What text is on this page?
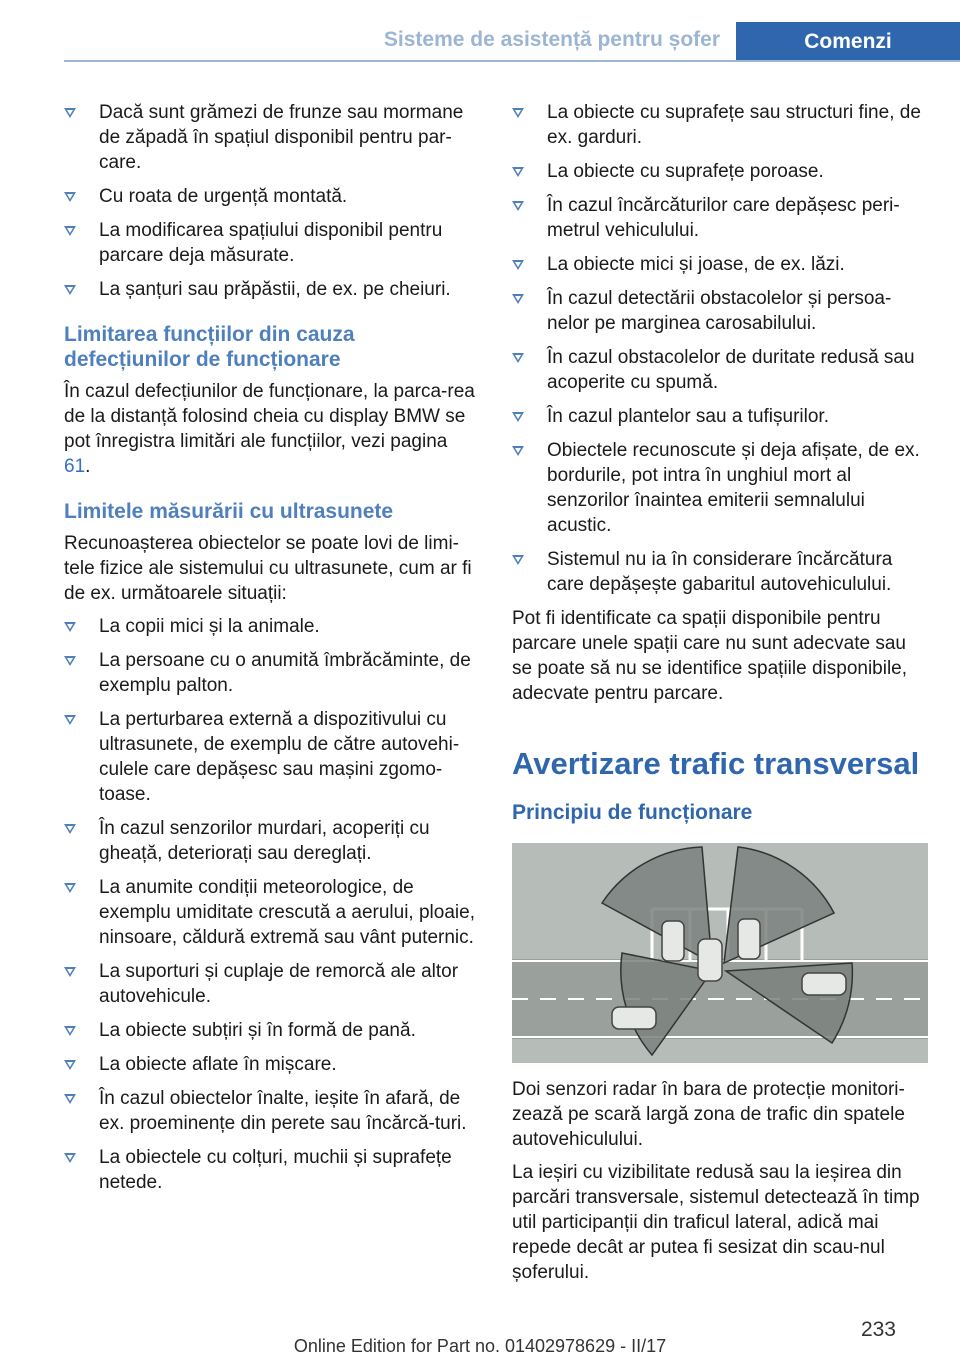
Sisteme de asistență pentru șofer	Comenzi
Dacă sunt grămezi de frunze sau mormane de zăpadă în spațiul disponibil pentru par‐care.
Cu roata de urgență montată.
La modificarea spațiului disponibil pentru parcare deja măsurate.
La șanțuri sau prăpăstii, de ex. pe cheiuri.
Limitarea funcțiilor din cauza defecțiunilor de funcționare

În cazul defecțiunilor de funcționare, la parca‐rea de la distanță folosind cheia cu display BMW se pot înregistra limitări ale funcțiilor, vezi pagina 61.

Limitele măsurării cu ultrasunete

Recunoașterea obiectelor se poate lovi de limi‐tele fizice ale sistemului cu ultrasunete, cum ar fi de ex. următoarele situații:

La copii mici și la animale.
La persoane cu o anumită îmbrăcăminte, de exemplu palton.
La perturbarea externă a dispozitivului cu ultrasunete, de exemplu de către autovehi‐culele care depășesc sau mașini zgomo‐toase.
În cazul senzorilor murdari, acoperiți cu gheață, deteriorați sau dereglați.
La anumite condiții meteorologice, de exemplu umiditate crescută a aerului, ploaie, ninsoare, căldură extremă sau vânt puternic.
La suporturi și cuplaje de remorcă ale altor autovehicule.
La obiecte subțiri și în formă de pană.
La obiecte aflate în mișcare.
În cazul obiectelor înalte, ieșite în afară, de ex. proeminențe din perete sau încărcă‐turi.
La obiectele cu colțuri, muchii și suprafețe netede.
La obiecte cu suprafețe sau structuri fine, de ex. garduri.
La obiecte cu suprafețe poroase.
În cazul încărcăturilor care depășesc peri‐metrul vehiculului.
La obiecte mici și joase, de ex. lăzi.
În cazul detectării obstacolelor și persoa‐nelor pe marginea carosabilului.
În cazul obstacolelor de duritate redusă sau acoperite cu spumă.
În cazul plantelor sau a tufișurilor.
Obiectele recunoscute și deja afișate, de ex. bordurile, pot intra în unghiul mort al senzorilor înaintea emiterii semnalului acustic.
Sistemul nu ia în considerare încărcătura care depășește gabaritul autovehiculului.

Pot fi identificate ca spații disponibile pentru parcare unele spații care nu sunt adecvate sau se poate să nu se identifice spațiile disponibile, adecvate pentru parcare.

Avertizare trafic transversal
Principiu de funcționare

Doi senzori radar în bara de protecție monitori‐zează pe scară largă zona de trafic din spatele autovehiculului.

La ieșiri cu vizibilitate redusă sau la ieșirea din parcări transversale, sistemul detectează în timp util participanții din traficul lateral, adică mai repede decât ar putea fi sesizat din scau‐nul șoferului.

233
Online Edition for Part no. 01402978629 - II/17
